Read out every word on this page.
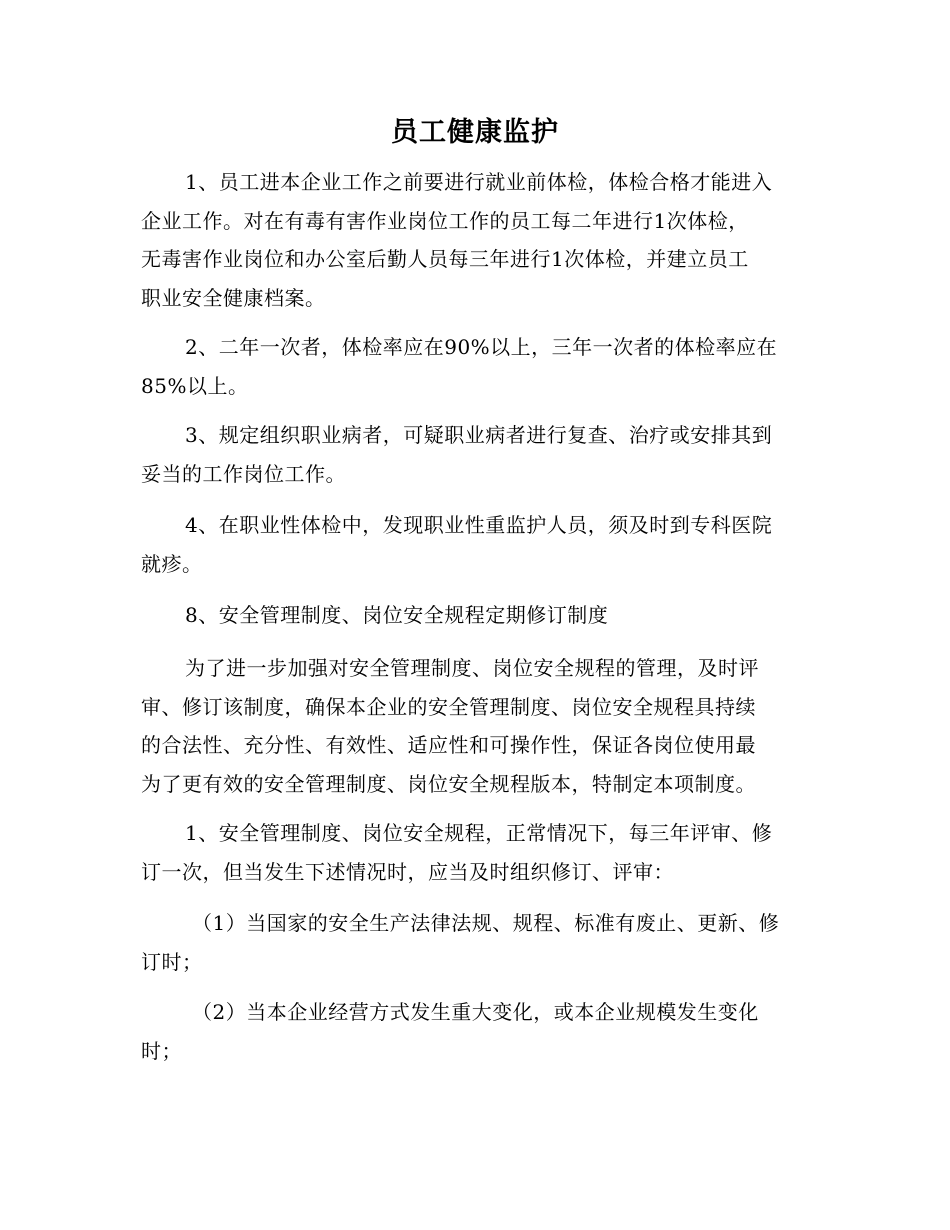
员工健康监护
1、员工进本企业工作之前要进行就业前体检，体检合格才能进入
企业工作。对在有毒有害作业岗位工作的员工每二年进行1次体检，
无毒害作业岗位和办公室后勤人员每三年进行1次体检，并建立员工
职业安全健康档案。
2、二年一次者，体检率应在90%以上，三年一次者的体检率应在
85%以上。
3、规定组织职业病者，可疑职业病者进行复查、治疗或安排其到
妥当的工作岗位工作。
4、在职业性体检中，发现职业性重监护人员，须及时到专科医院
就疹。
8、安全管理制度、岗位安全规程定期修订制度
为了进一步加强对安全管理制度、岗位安全规程的管理，及时评
审、修订该制度，确保本企业的安全管理制度、岗位安全规程具持续
的合法性、充分性、有效性、适应性和可操作性，保证各岗位使用最
为了更有效的安全管理制度、岗位安全规程版本，特制定本项制度。
1、安全管理制度、岗位安全规程，正常情况下，每三年评审、修
订一次，但当发生下述情况时，应当及时组织修订、评审：
（1）当国家的安全生产法律法规、规程、标准有废止、更新、修
订时；
（2）当本企业经营方式发生重大变化，或本企业规模发生变化
时；
